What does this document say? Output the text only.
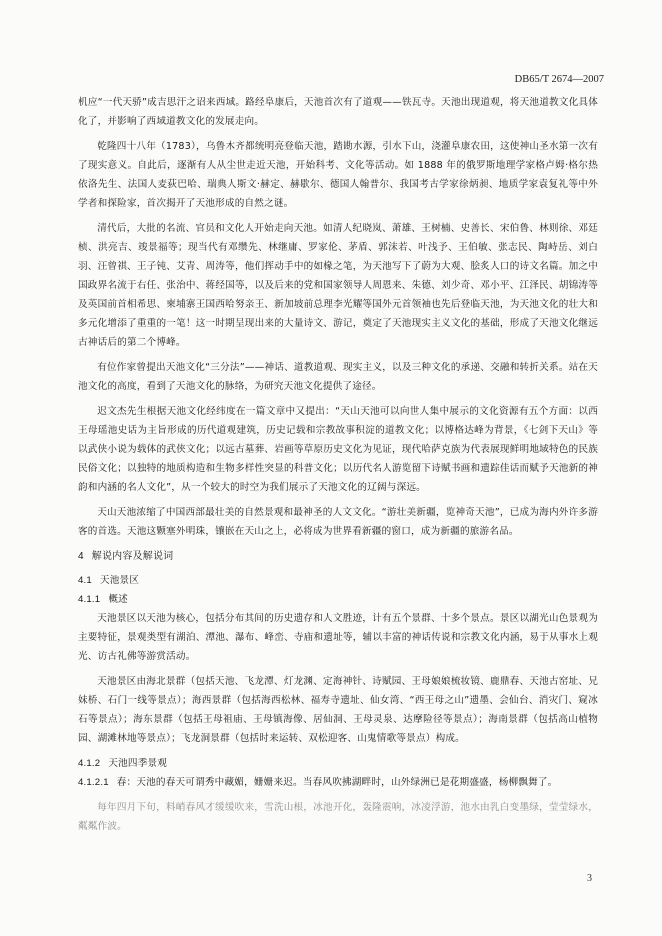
DB65/T 2674—2007

机应“一代天骄”成吉思汗之诏来西域。路经阜康后，天池首次有了道观——铁瓦寺。天池出现道观，将天池道教文化具体化了，并影响了西域道教文化的发展走向。

乾隆四十八年（1783），乌鲁木齐都统明亮登临天池，踏勘水源，引水下山，浇灌阜康农田，这使神山圣水第一次有了现实意义。自此后，逐渐有人从尘世走近天池，开始科考、文化等活动。如 1888 年的俄罗斯地理学家格卢姆·格尔热依洛先生、法国人麦荻巴哈、瑞典人斯文·赫定、赫歇尔、德国人翰普尔、我国考古学家徐炳昶、地质学家袁复礼等中外学者和探险家，首次揭开了天池形成的自然之谜。

清代后，大批的名流、官员和文化人开始走向天池。如清人纪晓岚、萧雄、王树楠、史善长、宋伯鲁、林则徐、邓廷桢、洪亮吉、竣景福等；现当代有邓缵先、林继庸、罗家伦、茅盾、郭沫若、叶浅予、王伯敏、张志民、陶峙岳、刘白羽、汪曾祺、王子钝、艾青、周涛等，他们挥动手中的如椽之笔，为天池写下了蔚为大观、脍炙人口的诗文名篇。加之中国政界名流于右任、张治中、蒋经国等，以及后来的党和国家领导人周恩来、朱德、刘少奇、邓小平、江泽民、胡锦涛等及英国前首相希思、柬埔寨王国西哈努亲王、新加坡前总理李光耀等国外元首领袖也先后登临天池，为天池文化的壮大和多元化增添了重重的一笔！这一时期呈现出来的大量诗文、游记，奠定了天池现实主义文化的基础，形成了天池文化继远古神话后的第二个博峰。

有位作家曾提出天池文化“三分法”——神话、道教道观、现实主义，以及三种文化的承递、交融和转折关系。站在天池文化的高度，看到了天池文化的脉络，为研究天池文化提供了途径。

迟文杰先生根据天池文化经纬度在一篇文章中又提出：“天山天池可以向世人集中展示的文化资源有五个方面：以西王母瑶池史话为主旨形成的历代道观建筑，历史记载和宗教故事积淀的道教文化；以博格达峰为背景，《七剑下天山》等以武侠小说为载体的武侠文化；以远古墓葬、岩画等草原历史文化为见证，现代哈萨克族为代表展现鲜明地域特色的民族民俗文化；以独特的地质构造和生物多样性突显的科普文化；以历代名人游览留下诗赋书画和遗踪佳话而赋予天池新的神韵和内涵的名人文化”，从一个较大的时空为我们展示了天池文化的辽阔与深远。

天山天池浓缩了中国西部最壮美的自然景观和最神圣的人文文化。“游壮美新疆，览神奇天池”，已成为海内外许多游客的首选。天池这颗塞外明珠，镶嵌在天山之上，必将成为世界看新疆的窗口，成为新疆的旅游名品。

4 解说内容及解说词
4.1 天池景区
4.1.1 概述

天池景区以天池为核心，包括分布其间的历史遗存和人文胜迹，计有五个景群、十多个景点。景区以湖光山色景观为主要特征，景观类型有湖泊、潭池、瀑布、峰峦、寺庙和遗址等，辅以丰富的神话传说和宗教文化内涵，易于从事水上观光、访古礼佛等游赏活动。

天池景区由海北景群（包括天池、飞龙潭、灯龙渊、定海神针、诗赋园、王母娘娘梳妆镜、鹿鼎春、天池古窑址、兄妹桥、石门一线等景点）；海西景群（包括海西松林、福寿寺遗址、仙女湾、“西王母之山”遗墨、会仙台、消灾门、窥冰石等景点）；海东景群（包括王母祖庙、王母镇海像、居仙洞、王母灵泉、达摩险径等景点）；海南景群（包括高山植物园、湖滩林地等景点）；飞龙洞景群（包括时来运转、双松迎客、山鬼情歌等景点）构成。

4.1.2 天池四季景观

4.1.2.1 春：天池的春天可谓秀中藏媚，姗姗来迟。当春风吹拂湖畔时，山外绿洲已是花期盛盛，杨柳飘舞了。

每年四月下旬，料峭春风才缓缓吹来，雪洗山根，冰池开化，轰隆震响，冰凌浮游，池水由乳白变墨绿，莹莹绿水，粼粼作波。

3
